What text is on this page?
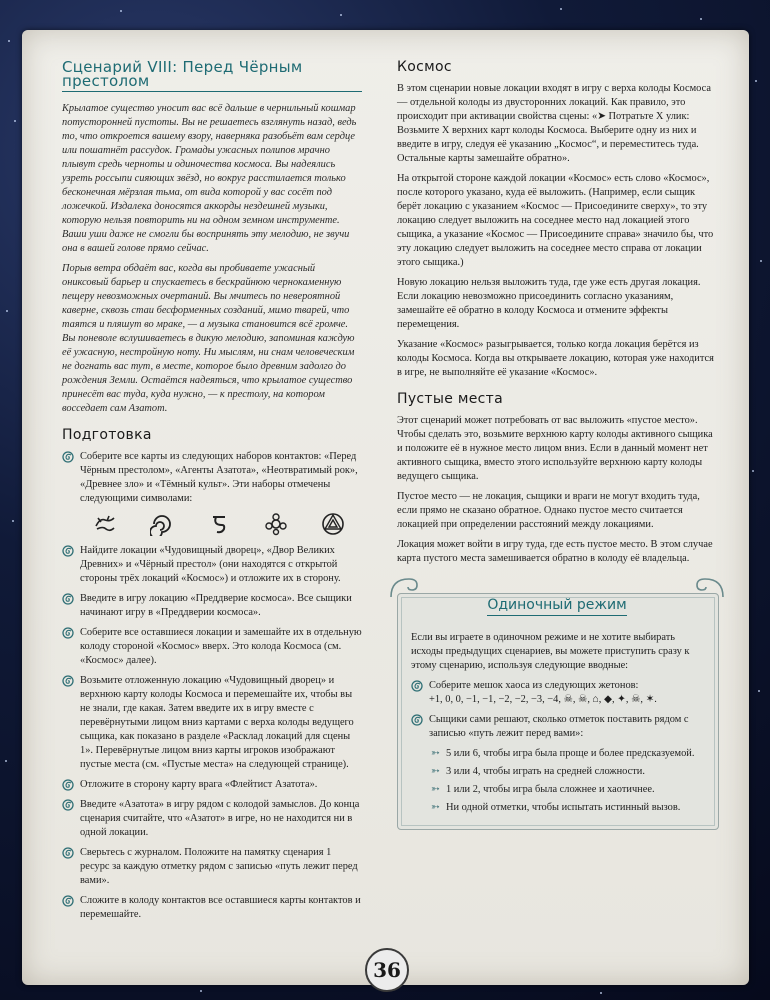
Сценарий VIII: Перед Чёрным престолом

Крылатое существо уносит вас всё дальше в чернильный кошмар потусторонней пустоты. Вы не решаетесь взглянуть назад, ведь то, что откроется вашему взору, наверняка разобьёт вам сердце или пошатнёт рассудок. Громады ужасных полипов мрачно плывут средь черноты и одиночества космоса. Вы надеялись узреть россыпи сияющих звёзд, но вокруг расстилается только бесконечная мёрзлая тьма, от вида которой у вас сосёт под ложечкой. Издалека доносятся аккорды нездешней музыки, которую нельзя повторить ни на одном земном инструменте. Ваши уши даже не смогли бы воспринять эту мелодию, не звучи она в вашей голове прямо сейчас.

Порыв ветра обдаёт вас, когда вы пробиваете ужасный ониксовый барьер и спускаетесь в бескрайнюю чернокаменную пещеру невозможных очертаний. Вы мчитесь по невероятной каверне, сквозь стаи бесформенных созданий, мимо тварей, что таятся и пляшут во мраке, — а музыка становится всё громче. Вы поневоле вслушиваетесь в дикую мелодию, запоминая каждую её ужасную, нестройную ноту. Ни мыслям, ни снам человеческим не догнать вас тут, в месте, которое было древним задолго до рождения Земли. Остаётся надеяться, что крылатое существо принесёт вас туда, куда нужно, — к престолу, на котором восседает сам Азатот.

Подготовка
Соберите все карты из следующих наборов контактов: «Перед Чёрным престолом», «Агенты Азатота», «Неотвратимый рок», «Древнее зло» и «Тёмный культ». Эти наборы отмечены следующими символами:
Найдите локации «Чудовищный дворец», «Двор Великих Древних» и «Чёрный престол» (они находятся с открытой стороны трёх локаций «Космос») и отложите их в сторону.
Введите в игру локацию «Преддверие космоса». Все сыщики начинают игру в «Преддверии космоса».
Соберите все оставшиеся локации и замешайте их в отдельную колоду стороной «Космос» вверх. Это колода Космоса (см. «Космос» далее).
Возьмите отложенную локацию «Чудовищный дворец» и верхнюю карту колоды Космоса и перемешайте их, чтобы вы не знали, где какая. Затем введите их в игру вместе с перевёрнутыми лицом вниз картами с верха колоды ведущего сыщика, как показано в разделе «Расклад локаций для сцены 1». Перевёрнутые лицом вниз карты игроков изображают пустые места (см. «Пустые места» на следующей странице).
Отложите в сторону карту врага «Флейтист Азатота».
Введите «Азатота» в игру рядом с колодой замыслов. До конца сценария считайте, что «Азатот» в игре, но не находится ни в одной локации.
Сверьтесь с журналом. Положите на памятку сценария 1 ресурс за каждую отметку рядом с записью «путь лежит перед вами».
Сложите в колоду контактов все оставшиеся карты контактов и перемешайте.
Космос

В этом сценарии новые локации входят в игру с верха колоды Космоса — отдельной колоды из двусторонних локаций. Как правило, это происходит при активации свойства сцены: «➤ Потратьте X улик: Возьмите X верхних карт колоды Космоса. Выберите одну из них и введите в игру, следуя её указанию „Космос“, и переместитесь туда. Остальные карты замешайте обратно».

На открытой стороне каждой локации «Космос» есть слово «Космос», после которого указано, куда её выложить. (Например, если сыщик берёт локацию с указанием «Космос — Присоедините сверху», то эту локацию следует выложить на соседнее место над локацией этого сыщика, а указание «Космос — Присоедините справа» значило бы, что эту локацию следует выложить на соседнее место справа от локации этого сыщика.)

Новую локацию нельзя выложить туда, где уже есть другая локация. Если локацию невозможно присоединить согласно указаниям, замешайте её обратно в колоду Космоса и отмените эффекты перемещения.

Указание «Космос» разыгрывается, только когда локация берётся из колоды Космоса. Когда вы открываете локацию, которая уже находится в игре, не выполняйте её указание «Космос».

Пустые места

Этот сценарий может потребовать от вас выложить «пустое место». Чтобы сделать это, возьмите верхнюю карту колоды активного сыщика и положите её в нужное место лицом вниз. Если в данный момент нет активного сыщика, вместо этого используйте верхнюю карту колоды ведущего сыщика.

Пустое место — не локация, сыщики и враги не могут входить туда, если прямо не сказано обратное. Однако пустое место считается локацией при определении расстояний между локациями.

Локация может войти в игру туда, где есть пустое место. В этом случае карта пустого места замешивается обратно в колоду её владельца.

Одиночный режим

Если вы играете в одиночном режиме и не хотите выбирать исходы предыдущих сценариев, вы можете приступить сразу к этому сценарию, используя следующие вводные:

Соберите мешок хаоса из следующих жетонов:
+1, 0, 0, −1, −1, −2, −2, −3, −4, ☠, ☠, ⌂, ◆, ✦, ☠, ✶.
Сыщики сами решают, сколько отметок поставить рядом с записью «путь лежит перед вами»:
➳ 5 или 6, чтобы игра была проще и более предсказуемой.
➳ 3 или 4, чтобы играть на средней сложности.
➳ 1 или 2, чтобы игра была сложнее и хаотичнее.
➳ Ни одной отметки, чтобы испытать истинный вызов.
36
